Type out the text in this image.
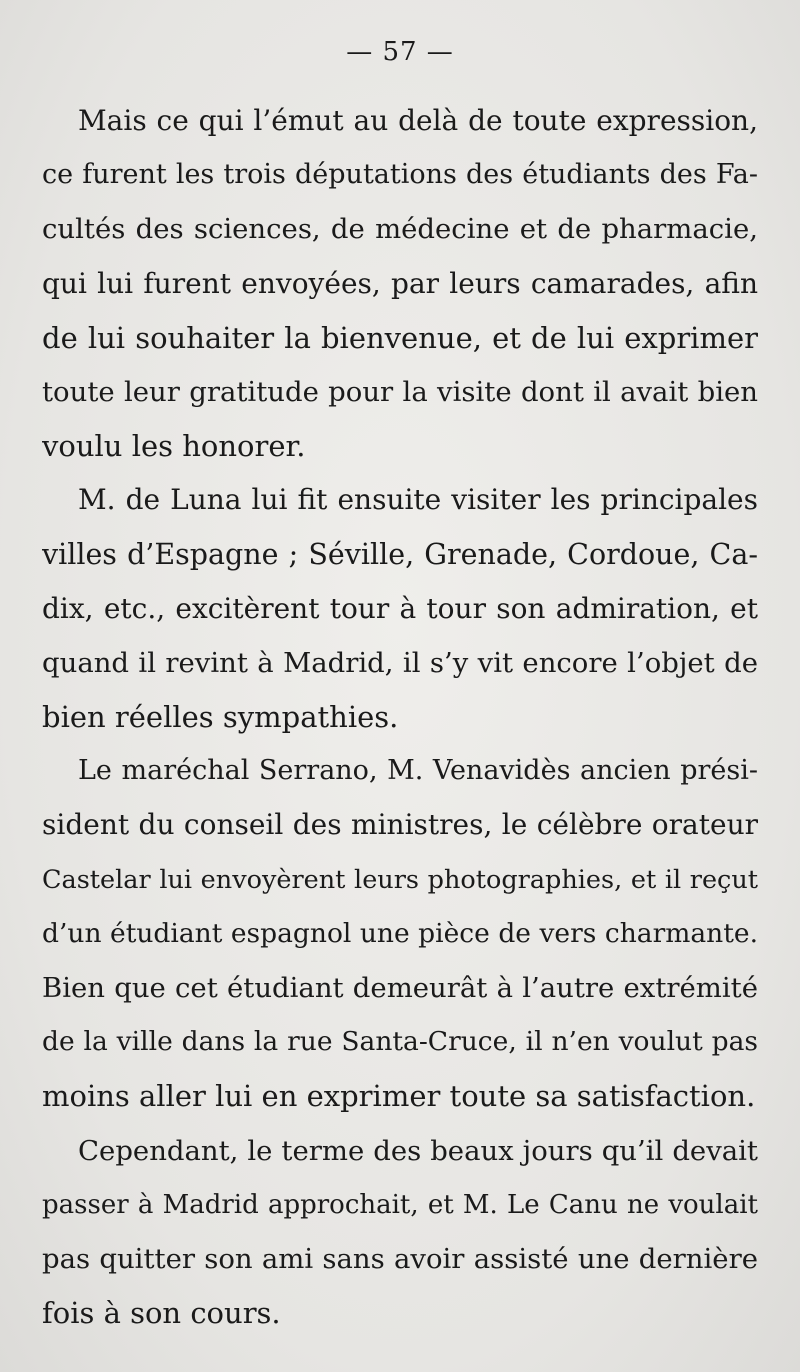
— 57 —
Mais ce qui l’émut au delà de toute expression,
ce furent les trois députations des étudiants des Fa-
cultés des sciences, de médecine et de pharmacie,
qui lui furent envoyées, par leurs camarades, afin
de lui souhaiter la bienvenue, et de lui exprimer
toute leur gratitude pour la visite dont il avait bien
voulu les honorer.
M. de Luna lui fit ensuite visiter les principales
villes d’Espagne ; Séville, Grenade, Cordoue, Ca-
dix, etc., excitèrent tour à tour son admiration, et
quand il revint à Madrid, il s’y vit encore l’objet de
bien réelles sympathies.
Le maréchal Serrano, M. Venavidès ancien prési-
sident du conseil des ministres, le célèbre orateur
Castelar lui envoyèrent leurs photographies, et il reçut
d’un étudiant espagnol une pièce de vers charmante.
Bien que cet étudiant demeurât à l’autre extrémité
de la ville dans la rue Santa-Cruce, il n’en voulut pas
moins aller lui en exprimer toute sa satisfaction.
Cependant, le terme des beaux jours qu’il devait
passer à Madrid approchait, et M. Le Canu ne voulait
pas quitter son ami sans avoir assisté une dernière
fois à son cours.
